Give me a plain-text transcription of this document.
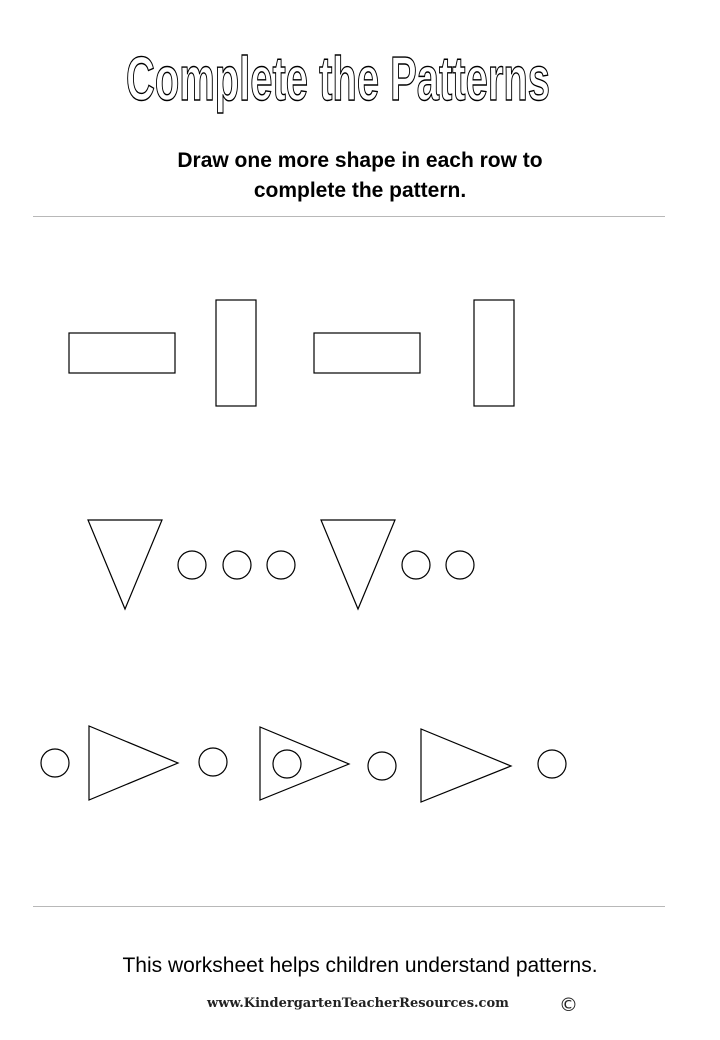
Complete the Patterns
Draw one more shape in each row to
complete the pattern.
This worksheet helps children understand patterns.
www.KindergartenTeacherResources.com	©
